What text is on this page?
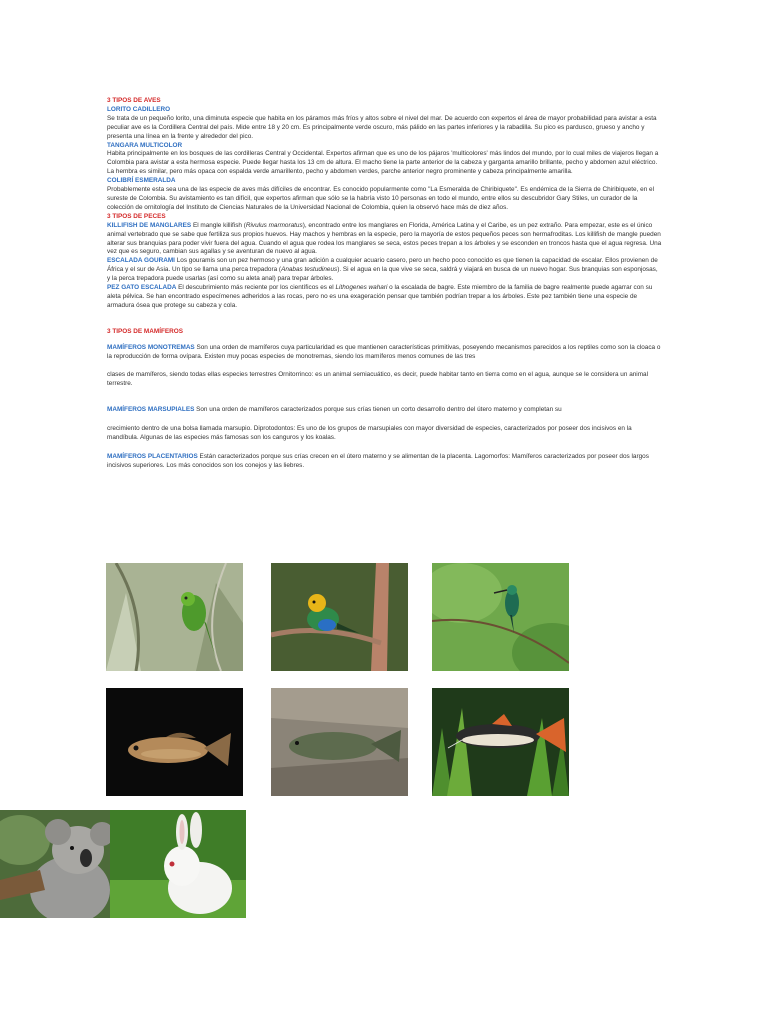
3 TIPOS DE AVES

LORITO CADILLERO

Se trata de un pequeño lorito, una diminuta especie que habita en los páramos más fríos y altos sobre el nivel del mar. De acuerdo con expertos el área de mayor probabilidad para avistar a esta peculiar ave es la Cordillera Central del país. Mide entre 18 y 20 cm. Es principalmente verde oscuro, más pálido en las partes inferiores y la rabadilla. Su pico es pardusco, grueso y ancho y presenta una línea en la frente y alrededor del pico.

TANGARA MULTICOLOR

Habita principalmente en los bosques de las cordilleras Central y Occidental. Expertos afirman que es uno de los pájaros 'multicolores' más lindos del mundo, por lo cual miles de viajeros llegan a Colombia para avistar a esta hermosa especie. Puede llegar hasta los 13 cm de altura. El macho tiene la parte anterior de la cabeza y garganta amarillo brillante, pecho y abdomen azul eléctrico. La hembra es similar, pero más opaca con espalda verde amarillento, pecho y abdomen verdes, parche anterior negro prominente y cabeza principalmente amarilla.

COLIBRÍ ESMERALDA

Probablemente esta sea una de las especie de aves más difíciles de encontrar. Es conocido popularmente como "La Esmeralda de Chiribiquete". Es endémica de la Sierra de Chiribiquete, en el sureste de Colombia. Su avistamiento es tan difícil, que expertos afirman que sólo se la habría visto 10 personas en todo el mundo, entre ellos su descubridor Gary Stiles, un curador de la colección de ornitología del Instituto de Ciencias Naturales de la Universidad Nacional de Colombia, quien la observó hace más de diez años.

3 TIPOS DE PECES

KILLIFISH DE MANGLARES El mangle killifish (Rivulus marmoratus), encontrado entre los manglares en Florida, América Latina y el Caribe, es un pez extraño. Para empezar, este es el único animal vertebrado que se sabe que fertiliza sus propios huevos. Hay machos y hembras en la especie, pero la mayoría de estos pequeños peces son hermafroditas. Los killifish de mangle pueden alterar sus branquias para poder vivir fuera del agua. Cuando el agua que rodea los manglares se seca, estos peces trepan a los árboles y se esconden en troncos hasta que el agua regresa. Una vez que es seguro, cambian sus agallas y se aventuran de nuevo al agua.

ESCALADA GOURAMI Los gouramis son un pez hermoso y una gran adición a cualquier acuario casero, pero un hecho poco conocido es que tienen la capacidad de escalar. Ellos provienen de África y el sur de Asia. Un tipo se llama una perca trepadora (Anabas testudineus). Si el agua en la que vive se seca, saldrá y viajará en busca de un nuevo hogar. Sus branquias son esponjosas, y la perca trepadora puede usarlas (así como su aleta anal) para trepar árboles.

PEZ GATO ESCALADA El descubrimiento más reciente por los científicos es el Lithogenes wahari o la escalada de bagre. Este miembro de la familia de bagre realmente puede agarrar con su aleta pélvica. Se han encontrado especímenes adheridos a las rocas, pero no es una exageración pensar que también podrían trepar a los árboles. Este pez también tiene una especie de armadura ósea que protege su cabeza y cola.

3 TIPOS DE MAMÍFEROS

MAMÍFEROS MONOTREMAS Son una orden de mamíferos cuya particularidad es que mantienen características primitivas, poseyendo mecanismos parecidos a los reptiles como son la cloaca o la reproducción de forma ovípara. Existen muy pocas especies de monotremas, siendo los mamíferos menos comunes de las tres

clases de mamíferos, siendo todas ellas especies terrestres Ornitorrinco: es un animal semiacuático, es decir, puede habitar tanto en tierra como en el agua, aunque se le considera un animal terrestre.

MAMÍFEROS MARSUPIALES Son una orden de mamíferos caracterizados porque sus crías tienen un corto desarrollo dentro del útero materno y completan su

crecimiento dentro de una bolsa llamada marsupio. Diprotodontos: Es uno de los grupos de marsupiales con mayor diversidad de especies, caracterizados por poseer dos incisivos en la mandíbula. Algunas de las especies más famosas son los canguros y los koalas.

MAMÍFEROS PLACENTARIOS Están caracterizados porque sus crías crecen en el útero materno y se alimentan de la placenta. Lagomorfos: Mamíferos caracterizados por poseer dos largos incisivos superiores. Los más conocidos son los conejos y las liebres.
